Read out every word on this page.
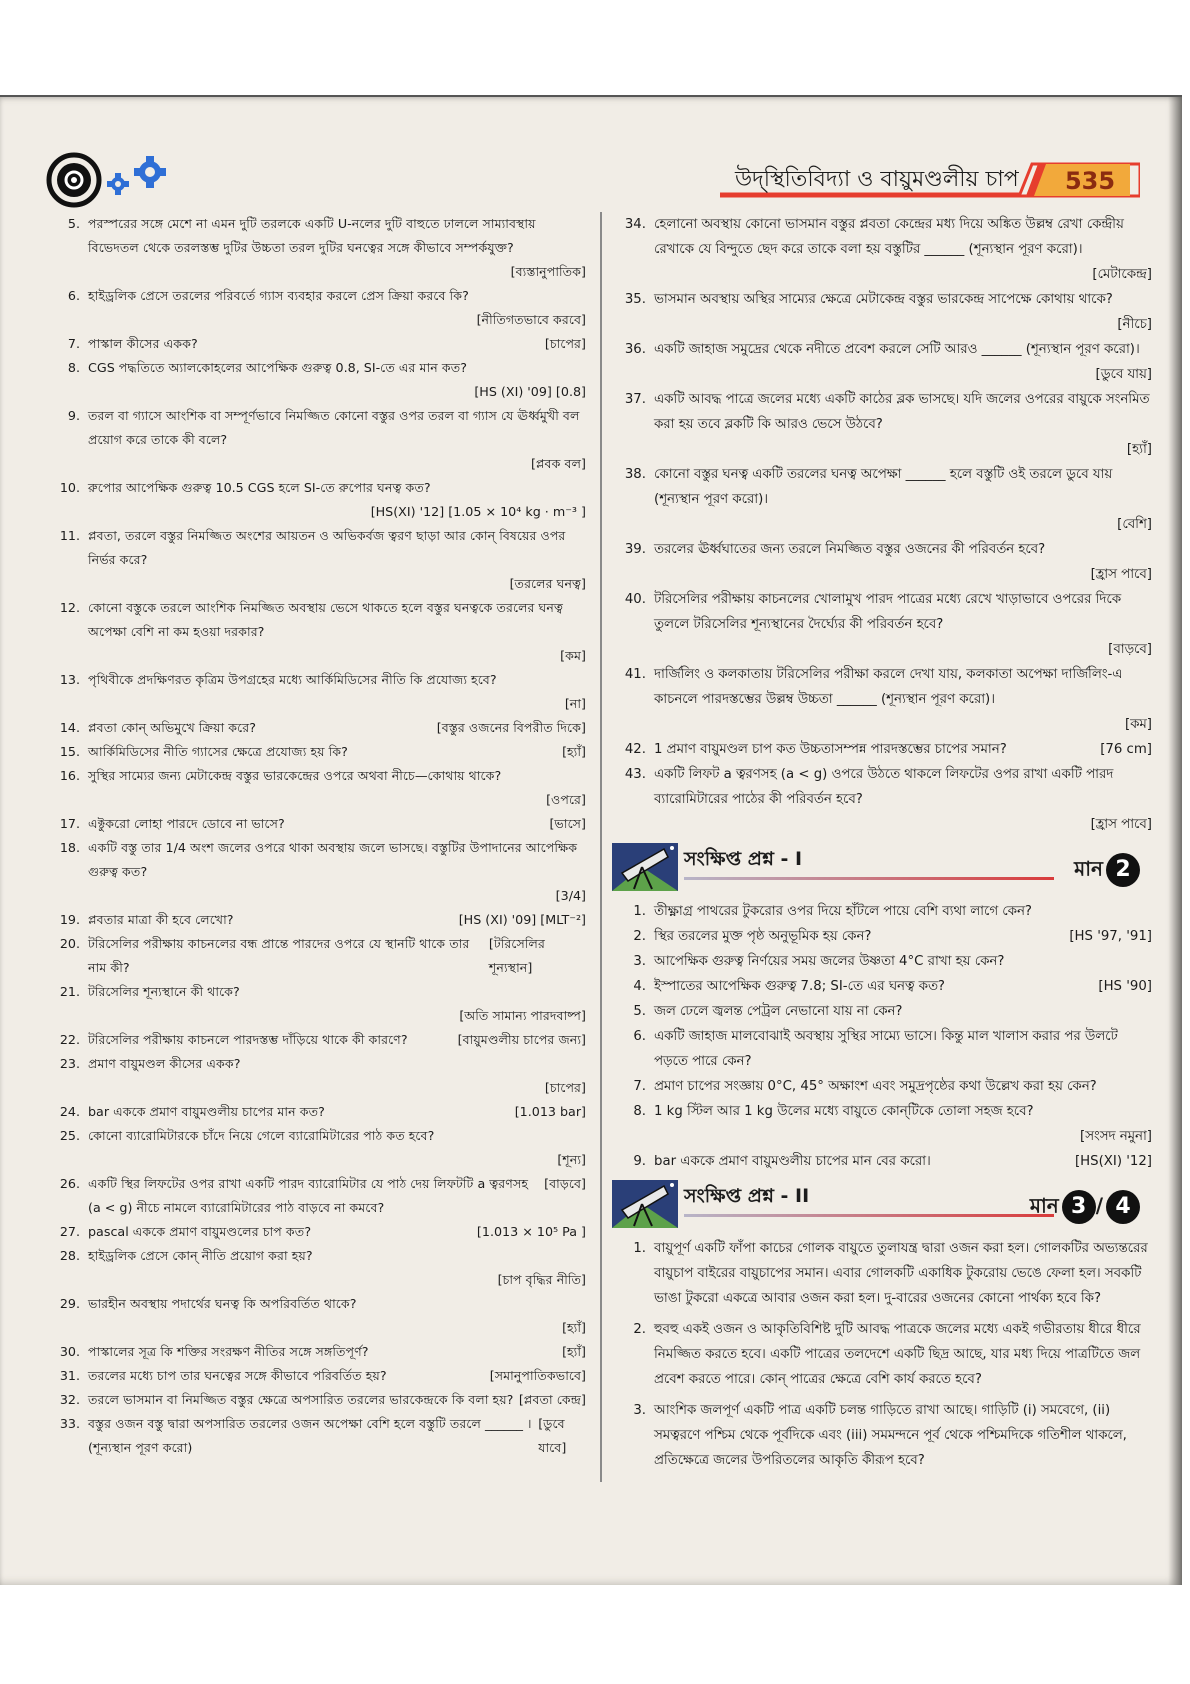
উদ্‌স্থিতিবিদ্যা ও বায়ুমণ্ডলীয় চাপ	535
5. পরস্পরের সঙ্গে মেশে না এমন দুটি তরলকে একটি U-নলের দুটি বাহুতে ঢাললে সাম্যাবস্থায় বিভেদতল থেকে তরলস্তম্ভ দুটির উচ্চতা তরল দুটির ঘনত্বের সঙ্গে কীভাবে সম্পর্কযুক্ত?
[ব্যস্তানুপাতিক]
6. হাইড্রলিক প্রেসে তরলের পরিবর্তে গ্যাস ব্যবহার করলে প্রেস ক্রিয়া করবে কি?
[নীতিগতভাবে করবে]
7. পাস্কাল কীসের একক?	[চাপের]
8. CGS পদ্ধতিতে অ্যালকোহলের আপেক্ষিক গুরুত্ব 0.8, SI-তে এর মান কত?
[HS (XI) '09] [0.8]
9. তরল বা গ্যাসে আংশিক বা সম্পূর্ণভাবে নিমজ্জিত কোনো বস্তুর ওপর তরল বা গ্যাস যে ঊর্ধ্বমুখী বল প্রয়োগ করে তাকে কী বলে?
[প্লবক বল]
10. রুপোর আপেক্ষিক গুরুত্ব 10.5 CGS হলে SI-তে রুপোর ঘনত্ব কত?
[HS(XI) '12] [1.05 × 10⁴ kg · m⁻³ ]
11. প্লবতা, তরলে বস্তুর নিমজ্জিত অংশের আয়তন ও অভিকর্বজ ত্বরণ ছাড়া আর কোন্ বিষয়ের ওপর নির্ভর করে?
[তরলের ঘনত্ব]
12. কোনো বস্তুকে তরলে আংশিক নিমজ্জিত অবস্থায় ভেসে থাকতে হলে বস্তুর ঘনত্বকে তরলের ঘনত্ব অপেক্ষা বেশি না কম হওয়া দরকার?
[কম]
13. পৃথিবীকে প্রদক্ষিণরত কৃত্রিম উপগ্রহের মধ্যে আর্কিমিডিসের নীতি কি প্রযোজ্য হবে?
[না]
14. প্লবতা কোন্ অভিমুখে ক্রিয়া করে?	[বস্তুর ওজনের বিপরীত দিকে]
15. আর্কিমিডিসের নীতি গ্যাসের ক্ষেত্রে প্রযোজ্য হয় কি?	[হ্যাঁ]
16. সুস্থির সাম্যের জন্য মেটাকেন্দ্র বস্তুর ভারকেন্দ্রের ওপরে অথবা নীচে—কোথায় থাকে?
[ওপরে]
17. এক্টুকরো লোহা পারদে ডোবে না ভাসে?	[ভাসে]
18. একটি বস্তু তার 1/4 অংশ জলের ওপরে থাকা অবস্থায় জলে ভাসছে। বস্তুটির উপাদানের আপেক্ষিক গুরুত্ব কত?
[3/4]
19. প্লবতার মাত্রা কী হবে লেখো?	[HS (XI) '09] [MLT⁻²]
20. টরিসেলির পরীক্ষায় কাচনলের বন্ধ প্রান্তে পারদের ওপরে যে স্থানটি থাকে তার নাম কী?
[টরিসেলির শূন্যস্থান]
21. টরিসেলির শূন্যস্থানে কী থাকে?
[অতি সামান্য পারদবাষ্প]
22. টরিসেলির পরীক্ষায় কাচনলে পারদস্তম্ভ দাঁড়িয়ে থাকে কী কারণে?	[বায়ুমণ্ডলীয় চাপের জন্য]
23. প্রমাণ বায়ুমণ্ডল কীসের একক?
[চাপের]
24. bar এককে প্রমাণ বায়ুমণ্ডলীয় চাপের মান কত?	[1.013 bar]
25. কোনো ব্যারোমিটারকে চাঁদে নিয়ে গেলে ব্যারোমিটারের পাঠ কত হবে?
[শূন্য]
26. একটি স্থির লিফটের ওপর রাখা একটি পারদ ব্যারোমিটার যে পাঠ দেয় লিফটটি a ত্বরণসহ (a < g) নীচে নামলে ব্যারোমিটারের পাঠ বাড়বে না কমবে?
[বাড়বে]
27. pascal এককে প্রমাণ বায়ুমণ্ডলের চাপ কত?	[1.013 × 10⁵ Pa ]
28. হাইড্রলিক প্রেসে কোন্ নীতি প্রয়োগ করা হয়?
[চাপ বৃদ্ধির নীতি]
29. ভারহীন অবস্থায় পদার্থের ঘনত্ব কি অপরিবর্তিত থাকে?
[হ্যাঁ]
30. পাস্কালের সূত্র কি শক্তির সংরক্ষণ নীতির সঙ্গে সঙ্গতিপূর্ণ?	[হ্যাঁ]
31. তরলের মধ্যে চাপ তার ঘনত্বের সঙ্গে কীভাবে পরিবর্তিত হয়?	[সমানুপাতিকভাবে]
32. তরলে ভাসমান বা নিমজ্জিত বস্তুর ক্ষেত্রে অপসারিত তরলের ভারকেন্দ্রকে কি বলা হয়? [প্লবতা কেন্দ্র]
33. বস্তুর ওজন বস্তু দ্বারা অপসারিত তরলের ওজন অপেক্ষা বেশি হলে বস্তুটি তরলে ______ । (শূন্যস্থান পূরণ করো)
[ডুবে যাবে]
34. হেলানো অবস্থায় কোনো ভাসমান বস্তুর প্লবতা কেন্দ্রের মধ্য দিয়ে অঙ্কিত উল্লম্ব রেখা কেন্দ্রীয় রেখাকে যে বিন্দুতে ছেদ করে তাকে বলা হয় বস্তুটির ______ (শূন্যস্থান পূরণ করো)।
[মেটাকেন্দ্র]
35. ভাসমান অবস্থায় অস্থির সাম্যের ক্ষেত্রে মেটাকেন্দ্র বস্তুর ভারকেন্দ্র সাপেক্ষে কোথায় থাকে?
[নীচে]
36. একটি জাহাজ সমুদ্রের থেকে নদীতে প্রবেশ করলে সেটি আরও ______ (শূন্যস্থান পূরণ করো)।
[ডুবে যায়]
37. একটি আবদ্ধ পাত্রে জলের মধ্যে একটি কাঠের ব্লক ভাসছে। যদি জলের ওপরের বায়ুকে সংনমিত করা হয় তবে ব্লকটি কি আরও ভেসে উঠবে?
[হ্যাঁ]
38. কোনো বস্তুর ঘনত্ব একটি তরলের ঘনত্ব অপেক্ষা ______ হলে বস্তুটি ওই তরলে ডুবে যায় (শূন্যস্থান পূরণ করো)।
[বেশি]
39. তরলের ঊর্ধ্বঘাতের জন্য তরলে নিমজ্জিত বস্তুর ওজনের কী পরিবর্তন হবে?
[হ্রাস পাবে]
40. টরিসেলির পরীক্ষায় কাচনলের খোলামুখ পারদ পাত্রের মধ্যে রেখে খাড়াভাবে ওপরের দিকে তুললে টরিসেলির শূন্যস্থানের দৈর্ঘ্যের কী পরিবর্তন হবে?
[বাড়বে]
41. দার্জিলিং ও কলকাতায় টরিসেলির পরীক্ষা করলে দেখা যায়, কলকাতা অপেক্ষা দার্জিলিং-এ কাচনলে পারদস্তম্ভের উল্লম্ব উচ্চতা ______ (শূন্যস্থান পূরণ করো)।
[কম]
42. 1 প্রমাণ বায়ুমণ্ডল চাপ কত উচ্চতাসম্পন্ন পারদস্তম্ভের চাপের সমান?	[76 cm]
43. একটি লিফট a ত্বরণসহ (a < g) ওপরে উঠতে থাকলে লিফটের ওপর রাখা একটি পারদ ব্যারোমিটারের পাঠের কী পরিবর্তন হবে?
[হ্রাস পাবে]
সংক্ষিপ্ত প্রশ্ন - I	মান 2
1. তীক্ষ্ণাগ্র পাথরের টুকরোর ওপর দিয়ে হাঁটলে পায়ে বেশি ব্যথা লাগে কেন?
2. স্থির তরলের মুক্ত পৃষ্ঠ অনুভূমিক হয় কেন?	[HS '97, '91]
3. আপেক্ষিক গুরুত্ব নির্ণয়ের সময় জলের উষ্ণতা 4°C রাখা হয় কেন?
4. ইস্পাতের আপেক্ষিক গুরুত্ব 7.8; SI-তে এর ঘনত্ব কত?	[HS '90]
5. জল ঢেলে জ্বলন্ত পেট্রল নেভানো যায় না কেন?
6. একটি জাহাজ মালবোঝাই অবস্থায় সুস্থির সাম্যে ভাসে। কিন্তু মাল খালাস করার পর উলটে পড়তে পারে কেন?
7. প্রমাণ চাপের সংজ্ঞায় 0°C, 45° অক্ষাংশ এবং সমুদ্রপৃষ্ঠের কথা উল্লেখ করা হয় কেন?
8. 1 kg স্টিল আর 1 kg উলের মধ্যে বায়ুতে কোন্‌টিকে তোলা সহজ হবে?
[সংসদ নমুনা]
9. bar এককে প্রমাণ বায়ুমণ্ডলীয় চাপের মান বের করো।	[HS(XI) '12]
সংক্ষিপ্ত প্রশ্ন - II	মান 3 / 4
1. বায়ুপূর্ণ একটি ফাঁপা কাচের গোলক বায়ুতে তুলাযন্ত্র দ্বারা ওজন করা হল। গোলকটির অভ্যন্তরের বায়ুচাপ বাইরের বায়ুচাপের সমান। এবার গোলকটি একাধিক টুকরোয় ভেঙে ফেলা হল। সবকটি ভাঙা টুকরো একত্রে আবার ওজন করা হল। দু-বারের ওজনের কোনো পার্থক্য হবে কি?
2. হুবহু একই ওজন ও আকৃতিবিশিষ্ট দুটি আবদ্ধ পাত্রকে জলের মধ্যে একই গভীরতায় ধীরে ধীরে নিমজ্জিত করতে হবে। একটি পাত্রের তলদেশে একটি ছিদ্র আছে, যার মধ্য দিয়ে পাত্রটিতে জল প্রবেশ করতে পারে। কোন্ পাত্রের ক্ষেত্রে বেশি কার্য করতে হবে?
3. আংশিক জলপূর্ণ একটি পাত্র একটি চলন্ত গাড়িতে রাখা আছে। গাড়িটি (i) সমবেগে, (ii) সমত্বরণে পশ্চিম থেকে পূর্বদিকে এবং (iii) সমমন্দনে পূর্ব থেকে পশ্চিমদিকে গতিশীল থাকলে, প্রতিক্ষেত্রে জলের উপরিতলের আকৃতি কীরূপ হবে?
